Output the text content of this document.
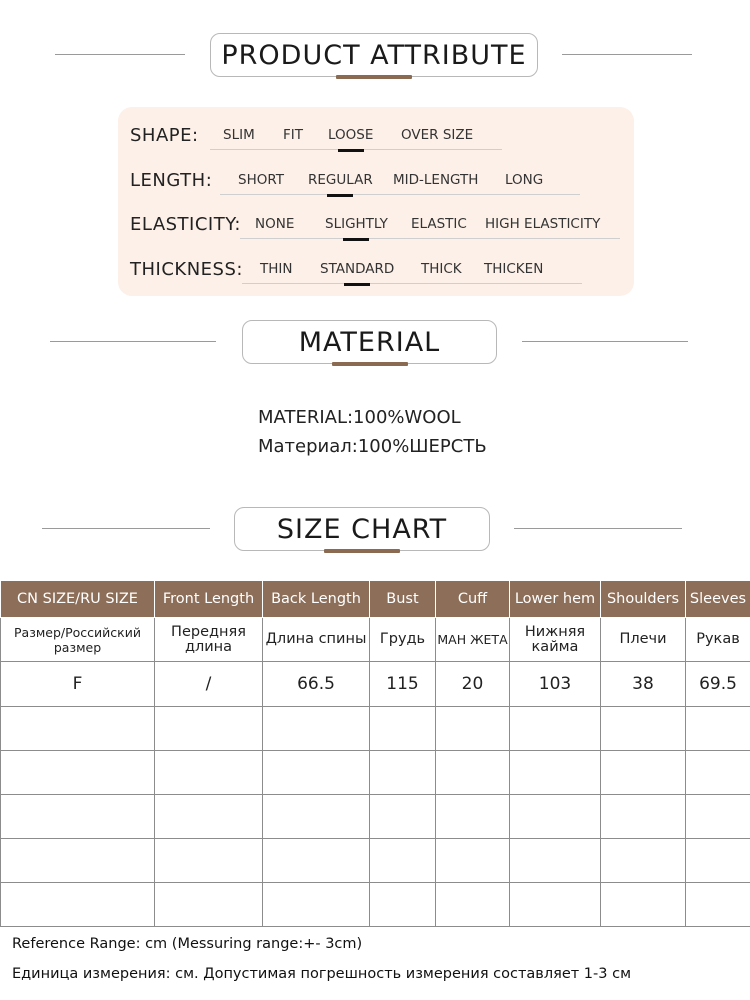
PRODUCT ATTRIBUTE
SHAPE: SLIM FIT LOOSE OVER SIZE
LENGTH: SHORT REGULAR MID-LENGTH LONG
ELASTICITY: NONE SLIGHTLY ELASTIC HIGH ELASTICITY
THICKNESS: THIN STANDARD THICK THICKEN
MATERIAL
MATERIAL:100%WOOL
Материал:100%ШЕРСТЬ
SIZE CHART
CN SIZE/RU SIZE	Front Length	Back Length	Bust	Cuff	Lower hem	Shoulders	Sleeves
Размер/Российский размер	Передняя длина	Длина спины	Грудь	МАН ЖЕТА	Нижняя кайма	Плечи	Рукав
F	/	66.5	115	20	103	38	69.5

Reference Range: cm (Messuring range:+- 3cm)
Единица измерения: см. Допустимая погрешность измерения составляет 1-3 см
